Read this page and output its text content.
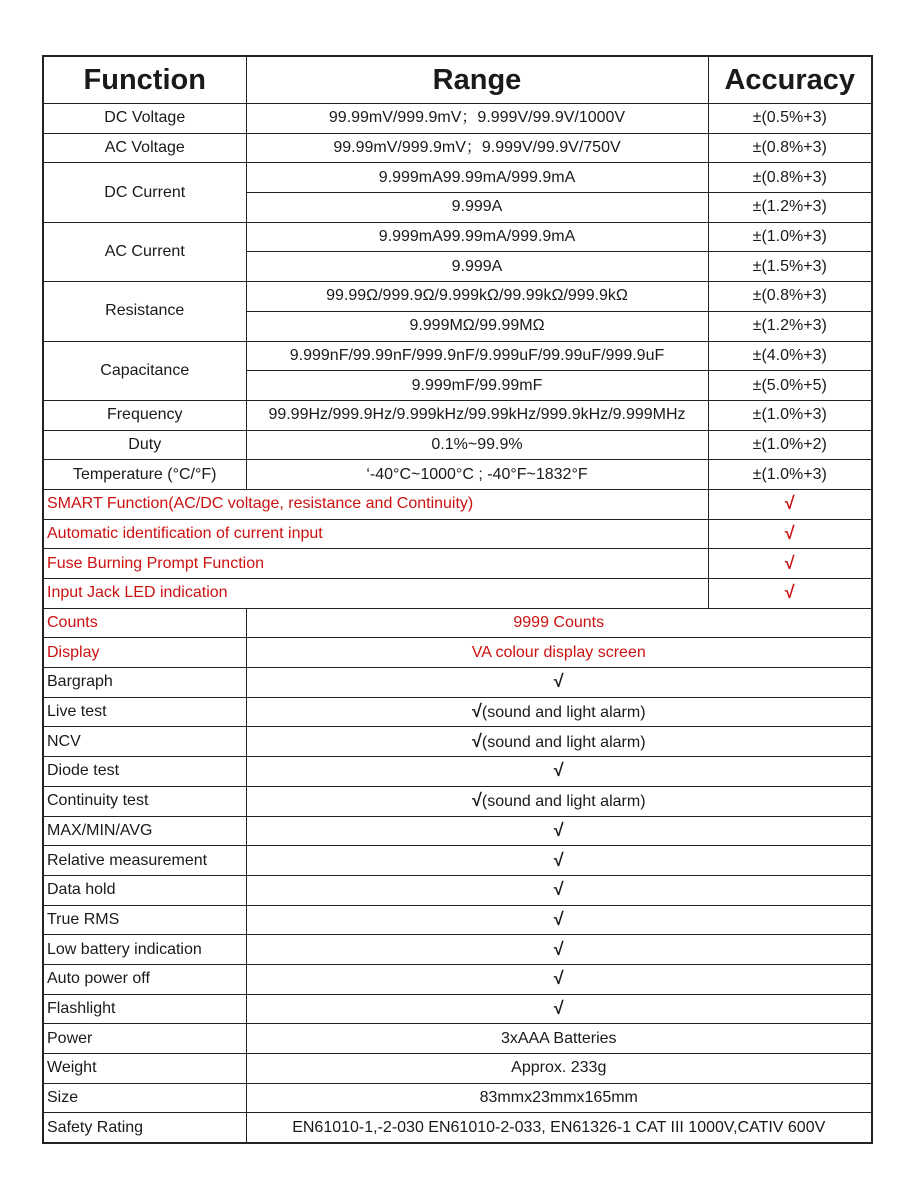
Function	Range	Accuracy
DC Voltage	99.99mV/999.9mV；9.999V/99.9V/1000V	±(0.5%+3)
AC Voltage	99.99mV/999.9mV；9.999V/99.9V/750V	±(0.8%+3)
DC Current	9.999mA99.99mA/999.9mA	±(0.8%+3)
	9.999A	±(1.2%+3)
AC Current	9.999mA99.99mA/999.9mA	±(1.0%+3)
	9.999A	±(1.5%+3)
Resistance	99.99Ω/999.9Ω/9.999kΩ/99.99kΩ/999.9kΩ	±(0.8%+3)
	9.999MΩ/99.99MΩ	±(1.2%+3)
Capacitance	9.999nF/99.99nF/999.9nF/9.999uF/99.99uF/999.9uF	±(4.0%+3)
	9.999mF/99.99mF	±(5.0%+5)
Frequency	99.99Hz/999.9Hz/9.999kHz/99.99kHz/999.9kHz/9.999MHz	±(1.0%+3)
Duty	0.1%~99.9%	±(1.0%+2)
Temperature (°C/°F)	‘-40°C~1000°C ; -40°F~1832°F	±(1.0%+3)
SMART Function(AC/DC voltage, resistance and Continuity)		√
Automatic identification of current input		√
Fuse Burning Prompt Function		√
Input Jack LED indication		√
Counts	9999 Counts	
Display	VA colour display screen	
Bargraph	√	
Live test	√(sound and light alarm)	
NCV	√(sound and light alarm)	
Diode test	√	
Continuity test	√(sound and light alarm)	
MAX/MIN/AVG	√	
Relative measurement	√	
Data hold	√	
True RMS	√	
Low battery indication	√	
Auto power off	√	
Flashlight	√	
Power	3xAAA Batteries	
Weight	Approx. 233g	
Size	83mmx23mmx165mm	
Safety Rating	EN61010-1,-2-030 EN61010-2-033, EN61326-1 CAT III 1000V,CATIV 600V	
